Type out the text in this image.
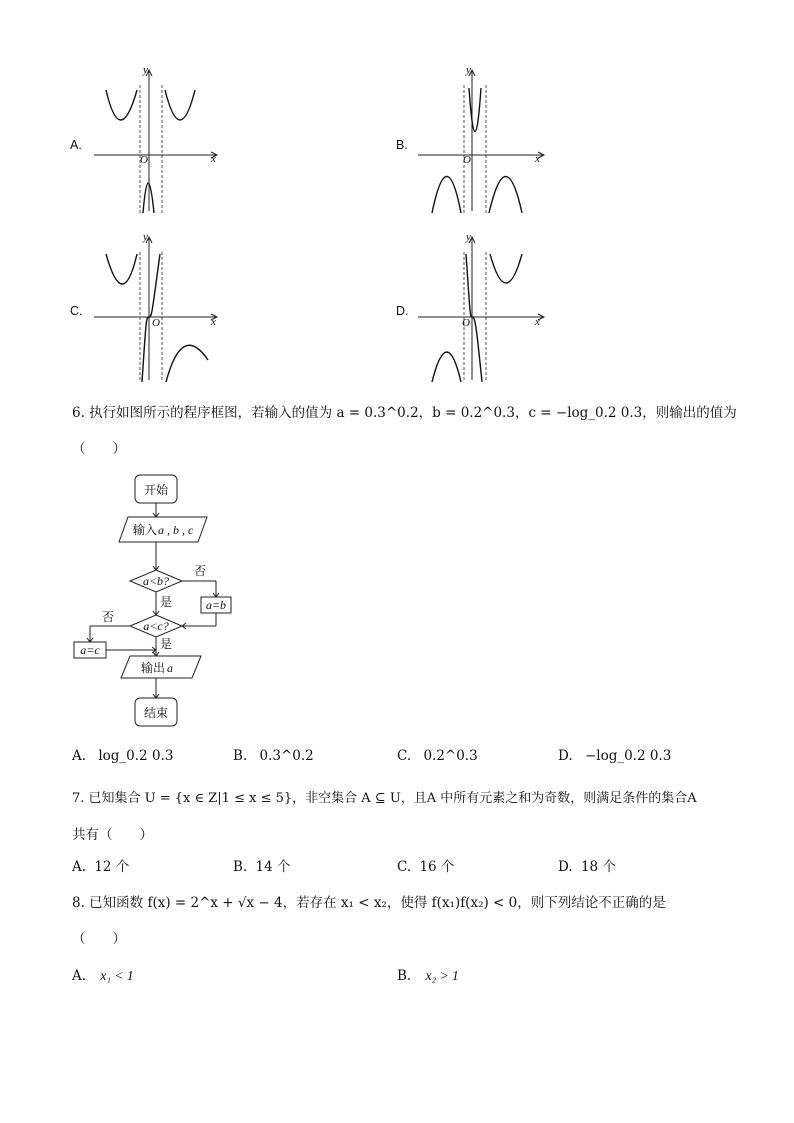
A.
y
x
O
B.
y
x
O
C.
y
x
O
D.
y
x
O
6. 执行如图所示的程序框图，若输入的值为 a = 0.3^0.2，b = 0.2^0.3，c = −log_0.2 0.3，则输出的值为
（　　）
开始
输入 a , b , c
a<b?
否
a=b
是
a<c?
否
a=c	是
输出 a
结束
A. log_0.2 0.3	B. 0.3^0.2	C. 0.2^0.3	D. −log_0.2 0.3
7. 已知集合 U = {x ∈ Z|1 ≤ x ≤ 5}，非空集合 A ⊆ U，且A 中所有元素之和为奇数，则满足条件的集合A
共有（　　）
A. 12 个	B. 14 个	C. 16 个	D. 18 个
8. 已知函数 f(x) = 2^x + √x − 4，若存在 x₁ < x₂，使得 f(x₁)f(x₂) < 0，则下列结论不正确的是
（　　）
A. x₁ < 1	B. x₂ > 1
